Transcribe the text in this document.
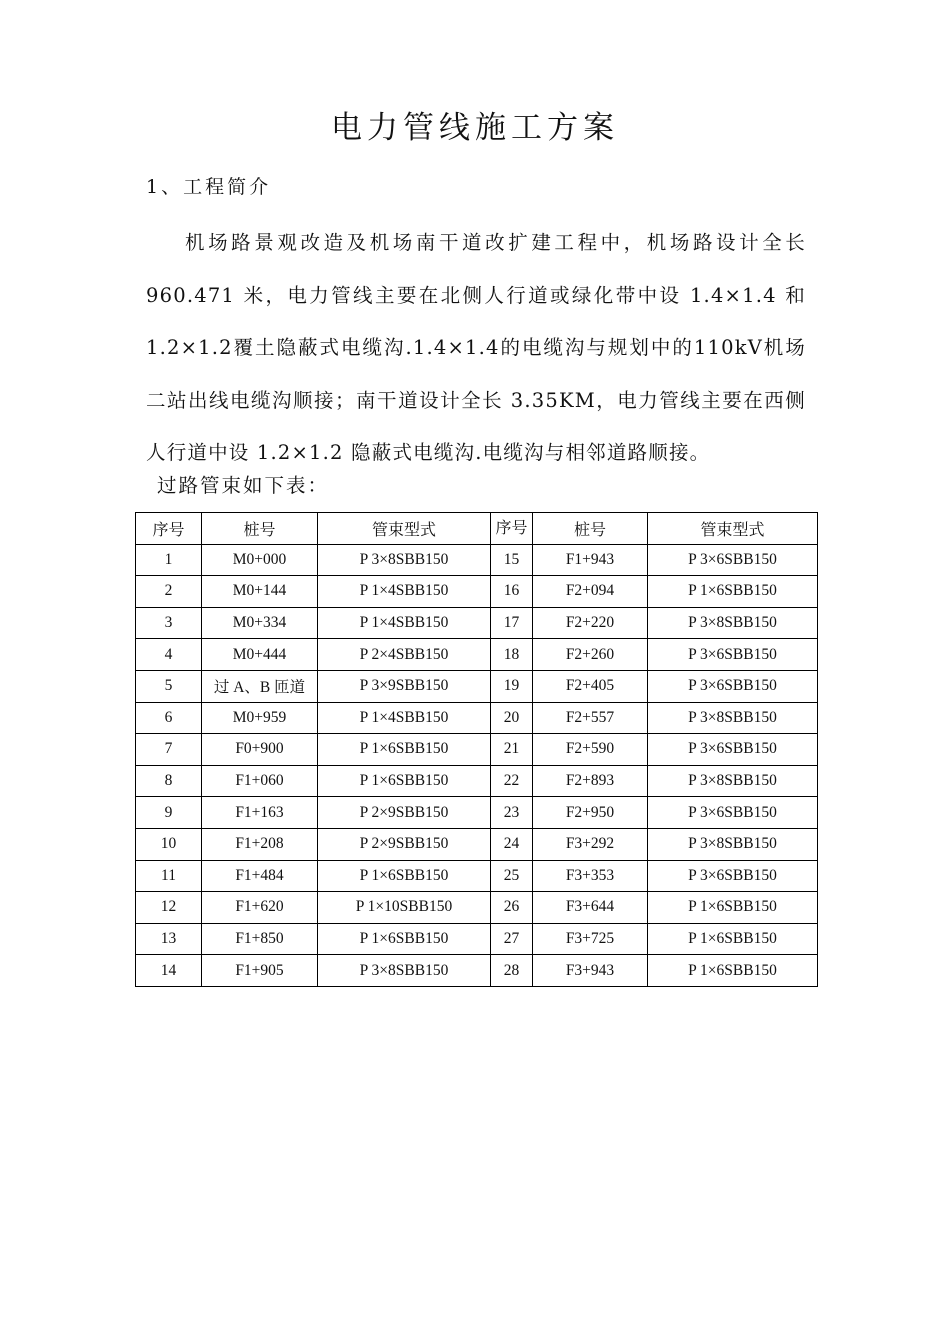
电力管线施工方案
1、工程简介

机场路景观改造及机场南干道改扩建工程中，机场路设计全长960.471 米，电力管线主要在北侧人行道或绿化带中设 1.4×1.4 和1.2×1.2覆土隐蔽式电缆沟.1.4×1.4的电缆沟与规划中的110kV机场二站出线电缆沟顺接；南干道设计全长 3.35KM，电力管线主要在西侧人行道中设 1.2×1.2 隐蔽式电缆沟.电缆沟与相邻道路顺接。

过路管束如下表：
序号	桩号	管束型式	序号	桩号	管束型式
1	M0+000	P 3×8SBB150	15	F1+943	P 3×6SBB150
2	M0+144	P 1×4SBB150	16	F2+094	P 1×6SBB150
3	M0+334	P 1×4SBB150	17	F2+220	P 3×8SBB150
4	M0+444	P 2×4SBB150	18	F2+260	P 3×6SBB150
5	过 A、B 匝道	P 3×9SBB150	19	F2+405	P 3×6SBB150
6	M0+959	P 1×4SBB150	20	F2+557	P 3×8SBB150
7	F0+900	P 1×6SBB150	21	F2+590	P 3×6SBB150
8	F1+060	P 1×6SBB150	22	F2+893	P 3×8SBB150
9	F1+163	P 2×9SBB150	23	F2+950	P 3×6SBB150
10	F1+208	P 2×9SBB150	24	F3+292	P 3×8SBB150
11	F1+484	P 1×6SBB150	25	F3+353	P 3×6SBB150
12	F1+620	P 1×10SBB150	26	F3+644	P 1×6SBB150
13	F1+850	P 1×6SBB150	27	F3+725	P 1×6SBB150
14	F1+905	P 3×8SBB150	28	F3+943	P 1×6SBB150
